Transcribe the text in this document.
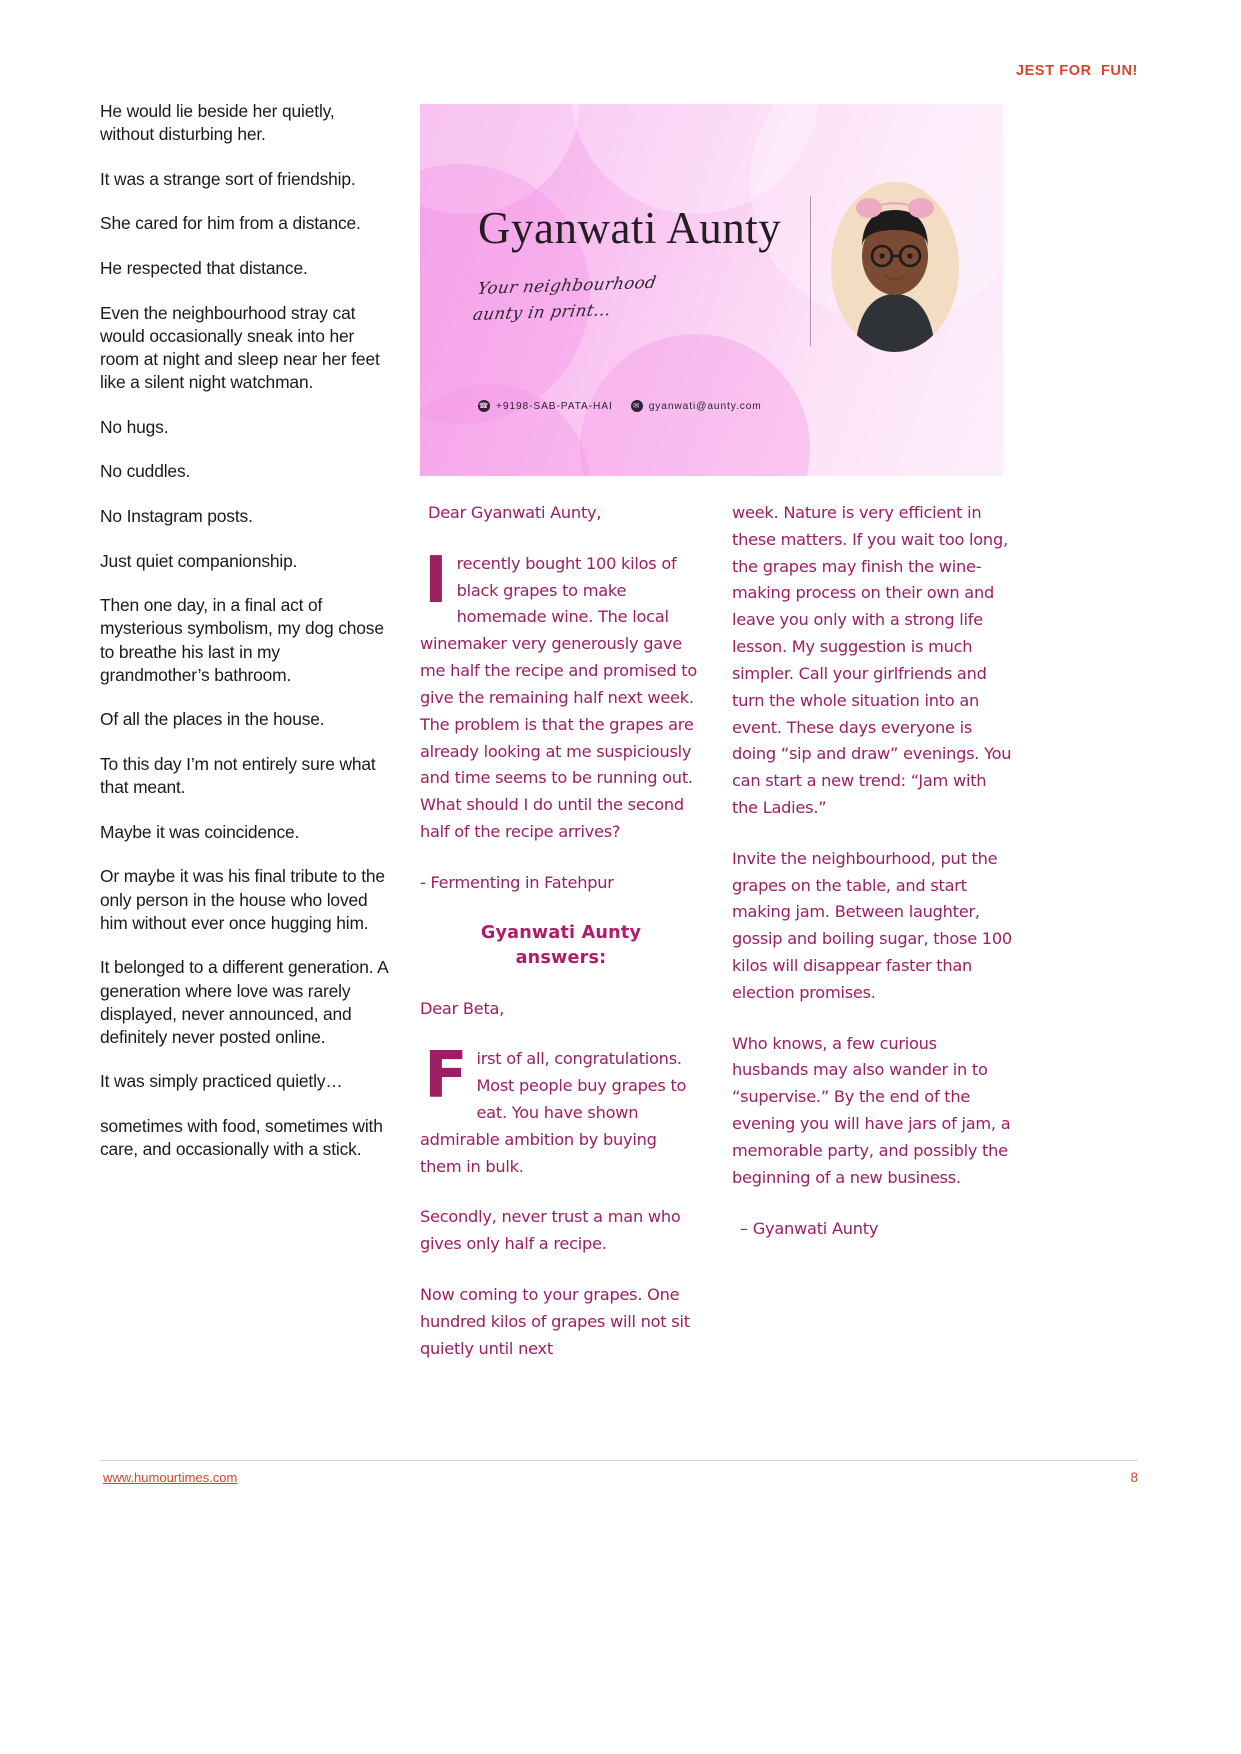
JEST FOR  FUN!

He would lie beside her quietly, without disturbing her.

It was a strange sort of friendship.

She cared for him from a distance.

He respected that distance.

Even the neighbourhood stray cat would occasionally sneak into her room at night and sleep near her feet like a silent night watchman.

No hugs.

No cuddles.

No Instagram posts.

Just quiet companionship.

Then one day, in a final act of mysterious symbolism, my dog chose to breathe his last in my grandmother’s bathroom.

Of all the places in the house.

To this day I’m not entirely sure what that meant.

Maybe it was coincidence.

Or maybe it was his final tribute to the only person in the house who loved him without ever once hugging him.

It belonged to a different generation. A generation where love was rarely displayed, never announced, and definitely never posted online.

It was simply practiced quietly…

sometimes with food, sometimes with care, and occasionally with a stick.

Gyanwati Aunty
Your neighbourhood
aunty in print...
☎ +9198-SAB-PATA-HAI	✉ gyanwati@aunty.com
Dear Gyanwati Aunty,
Irecently bought 100 kilos of black grapes to make homemade wine. The local winemaker very generously gave me half the recipe and promised to give the remaining half next week. The problem is that the grapes are already looking at me suspiciously and time seems to be running out. What should I do until the second half of the recipe arrives?
- Fermenting in Fatehpur
Gyanwati Aunty
answers:
Dear Beta,
First of all, congratulations. Most people buy grapes to eat. You have shown admirable ambition by buying them in bulk.
Secondly, never trust a man who gives only half a recipe.
Now coming to your grapes. One hundred kilos of grapes will not sit quietly until next
week. Nature is very efficient in these matters. If you wait too long, the grapes may finish the wine-making process on their own and leave you only with a strong life lesson. My suggestion is much simpler. Call your girlfriends and turn the whole situation into an event. These days everyone is doing “sip and draw” evenings. You can start a new trend: “Jam with the Ladies.”
Invite the neighbourhood, put the grapes on the table, and start making jam. Between laughter, gossip and boiling sugar, those 100 kilos will disappear faster than election promises.
Who knows, a few curious husbands may also wander in to “supervise.” By the end of the evening you will have jars of jam, a memorable party, and possibly the beginning of a new business.
– Gyanwati Aunty
www.humourtimes.com	8
